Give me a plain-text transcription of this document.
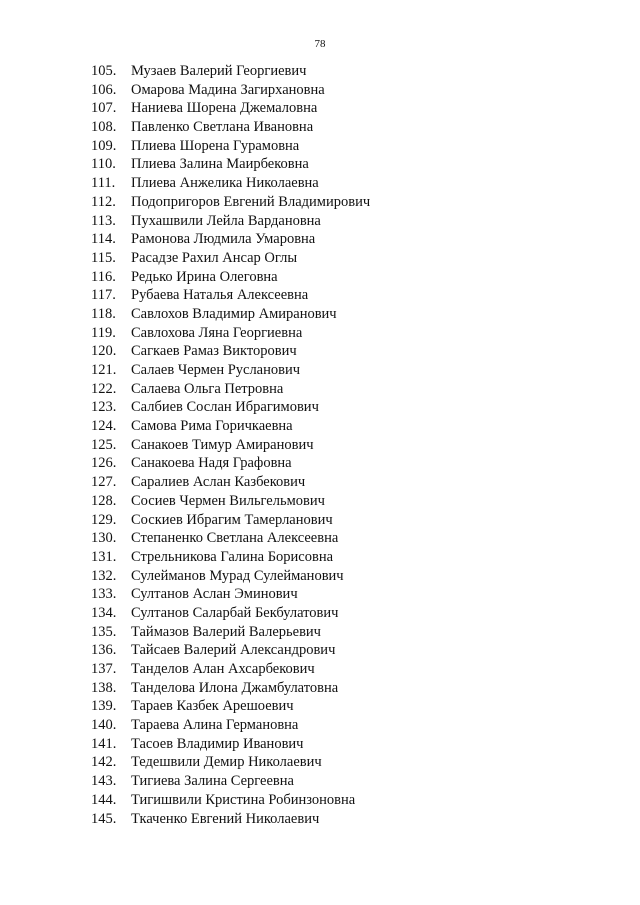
78
105.	Музаев Валерий Георгиевич
106.	Омарова Мадина Загирхановна
107.	Наниева Шорена Джемаловна
108.	Павленко Светлана Ивановна
109.	Плиева Шорена Гурамовна
110.	Плиева Залина Маирбековна
111.	Плиева Анжелика Николаевна
112.	Подопригоров Евгений Владимирович
113.	Пухашвили Лейла Вардановна
114.	Рамонова Людмила Умаровна
115.	Расадзе Рахил Ансар Оглы
116.	Редько Ирина Олеговна
117.	Рубаева Наталья Алексеевна
118.	Савлохов Владимир Амиранович
119.	Савлохова Ляна Георгиевна
120.	Сагкаев Рамаз Викторович
121.	Салаев Чермен Русланович
122.	Салаева Ольга Петровна
123.	Салбиев Сослан Ибрагимович
124.	Самова Рима Горичкаевна
125.	Санакоев Тимур Амиранович
126.	Санакоева Надя Графовна
127.	Саралиев Аслан Казбекович
128.	Сосиев Чермен Вильгельмович
129.	Соскиев Ибрагим Тамерланович
130.	Степаненко Светлана Алексеевна
131.	Стрельникова Галина Борисовна
132.	Сулейманов Мурад Сулейманович
133.	Султанов Аслан Эминович
134.	Султанов Саларбай Бекбулатович
135.	Таймазов Валерий Валерьевич
136.	Тайсаев Валерий Александрович
137.	Танделов Алан Ахсарбекович
138.	Танделова Илона Джамбулатовна
139.	Тараев Казбек Арешоевич
140.	Тараева Алина Германовна
141.	Тасоев Владимир Иванович
142.	Тедешвили Демир Николаевич
143.	Тигиева Залина Сергеевна
144.	Тигишвили Кристина Робинзоновна
145.	Ткаченко Евгений Николаевич
